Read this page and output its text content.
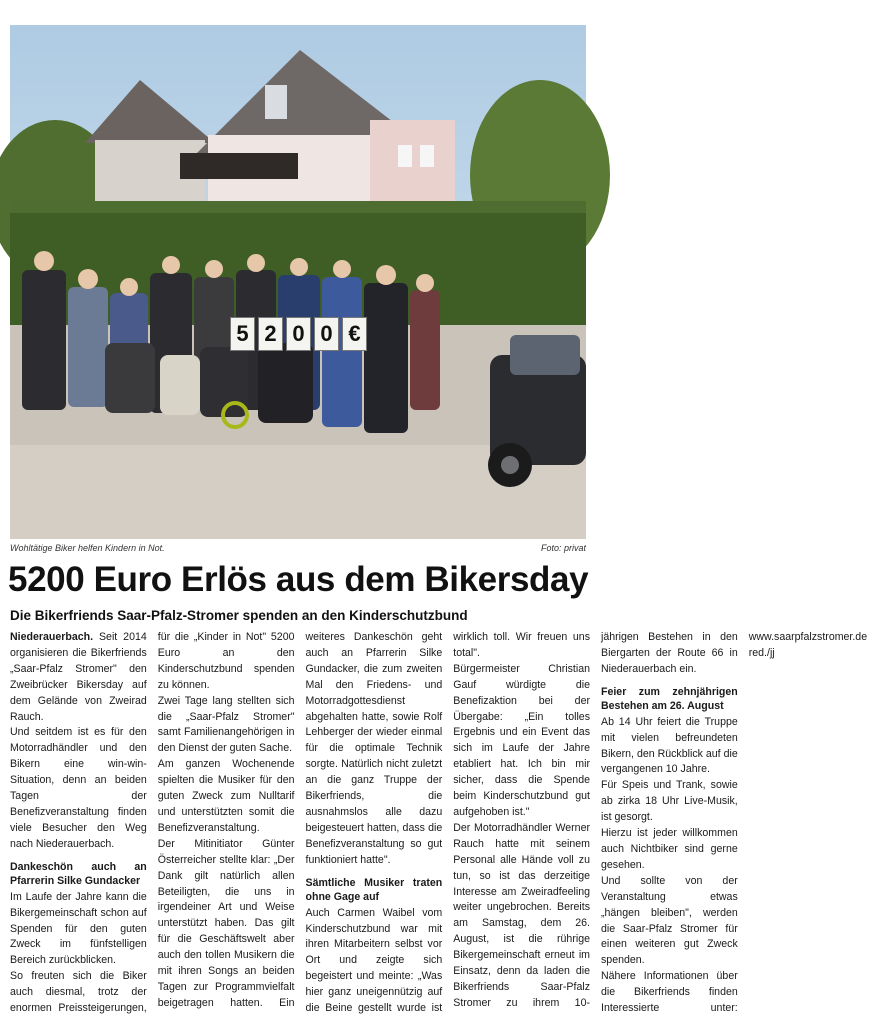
5 2 0 0 €
Wohltätige Biker helfen Kindern in Not.	Foto: privat
5200 Euro Erlös aus dem Bikersday
Die Bikerfriends Saar-Pfalz-Stromer spenden an den Kinderschutzbund

Niederauerbach. Seit 2014 organisieren die Bikerfriends „Saar-Pfalz Stromer" den Zweibrücker Bikersday auf dem Gelände von Zweirad Rauch.

Und seitdem ist es für den Motorradhändler und den Bikern eine win-win-Situation, denn an beiden Tagen der Benefizveranstaltung finden viele Besucher den Weg nach Niederauerbach.

Dankeschön auch an Pfarrerin Silke Gundacker

Im Laufe der Jahre kann die Bikergemeinschaft schon auf Spenden für den guten Zweck im fünfstelligen Bereich zurückblicken.

So freuten sich die Biker auch diesmal, trotz der enormen Preissteigerungen, für die „Kinder in Not" 5200 Euro an den Kinderschutzbund spenden zu können.

Zwei Tage lang stellten sich die „Saar-Pfalz Stromer" samt Familienangehörigen in den Dienst der guten Sache.

Am ganzen Wochenende spielten die Musiker für den guten Zweck zum Nulltarif und unterstützten somit die Benefizveranstaltung.

Der Mitinitiator Günter Österreicher stellte klar: „Der Dank gilt natürlich allen Beteiligten, die uns in irgendeiner Art und Weise unterstützt haben. Das gilt für die Geschäftswelt aber auch den tollen Musikern die mit ihren Songs an beiden Tagen zur Programmvielfalt beigetragen hatten. Ein weiteres Dankeschön geht auch an Pfarrerin Silke Gundacker, die zum zweiten Mal den Friedens- und Motorradgottesdienst abgehalten hatte, sowie Rolf Lehberger der wieder einmal für die optimale Technik sorgte. Natürlich nicht zuletzt an die ganz Truppe der Bikerfriends, die ausnahmslos alle dazu beigesteuert hatten, dass die Benefizveranstaltung so gut funktioniert hatte".

Sämtliche Musiker traten ohne Gage auf

Auch Carmen Waibel vom Kinderschutzbund war mit ihren Mitarbeitern selbst vor Ort und zeigte sich begeistert und meinte: „Was hier ganz uneigennützig auf die Beine gestellt wurde ist wirklich toll. Wir freuen uns total".

Bürgermeister Christian Gauf würdigte die Benefizaktion bei der Übergabe: „Ein tolles Ergebnis und ein Event das sich im Laufe der Jahre etabliert hat. Ich bin mir sicher, dass die Spende beim Kinderschutzbund gut aufgehoben ist."

Der Motorradhändler Werner Rauch hatte mit seinem Personal alle Hände voll zu tun, so ist das derzeitige Interesse am Zweiradfeeling weiter ungebrochen. Bereits am Samstag, dem 26. August, ist die rührige Bikergemeinschaft erneut im Einsatz, denn da laden die Bikerfriends Saar-Pfalz Stromer zu ihrem 10-jährigen Bestehen in den Biergarten der Route 66 in Niederauerbach ein.

Feier zum zehnjährigen Bestehen am 26. August

Ab 14 Uhr feiert die Truppe mit vielen befreundeten Bikern, den Rückblick auf die vergangenen 10 Jahre.

Für Speis und Trank, sowie ab zirka 18 Uhr Live-Musik, ist gesorgt.

Hierzu ist jeder willkommen auch Nichtbiker sind gerne gesehen.

Und sollte von der Veranstaltung etwas „hängen bleiben", werden die Saar-Pfalz Stromer für einen weiteren gut Zweck spenden.

Nähere Informationen über die Bikerfriends finden Interessierte unter: www.saarpfalzstromer.de red./jj
